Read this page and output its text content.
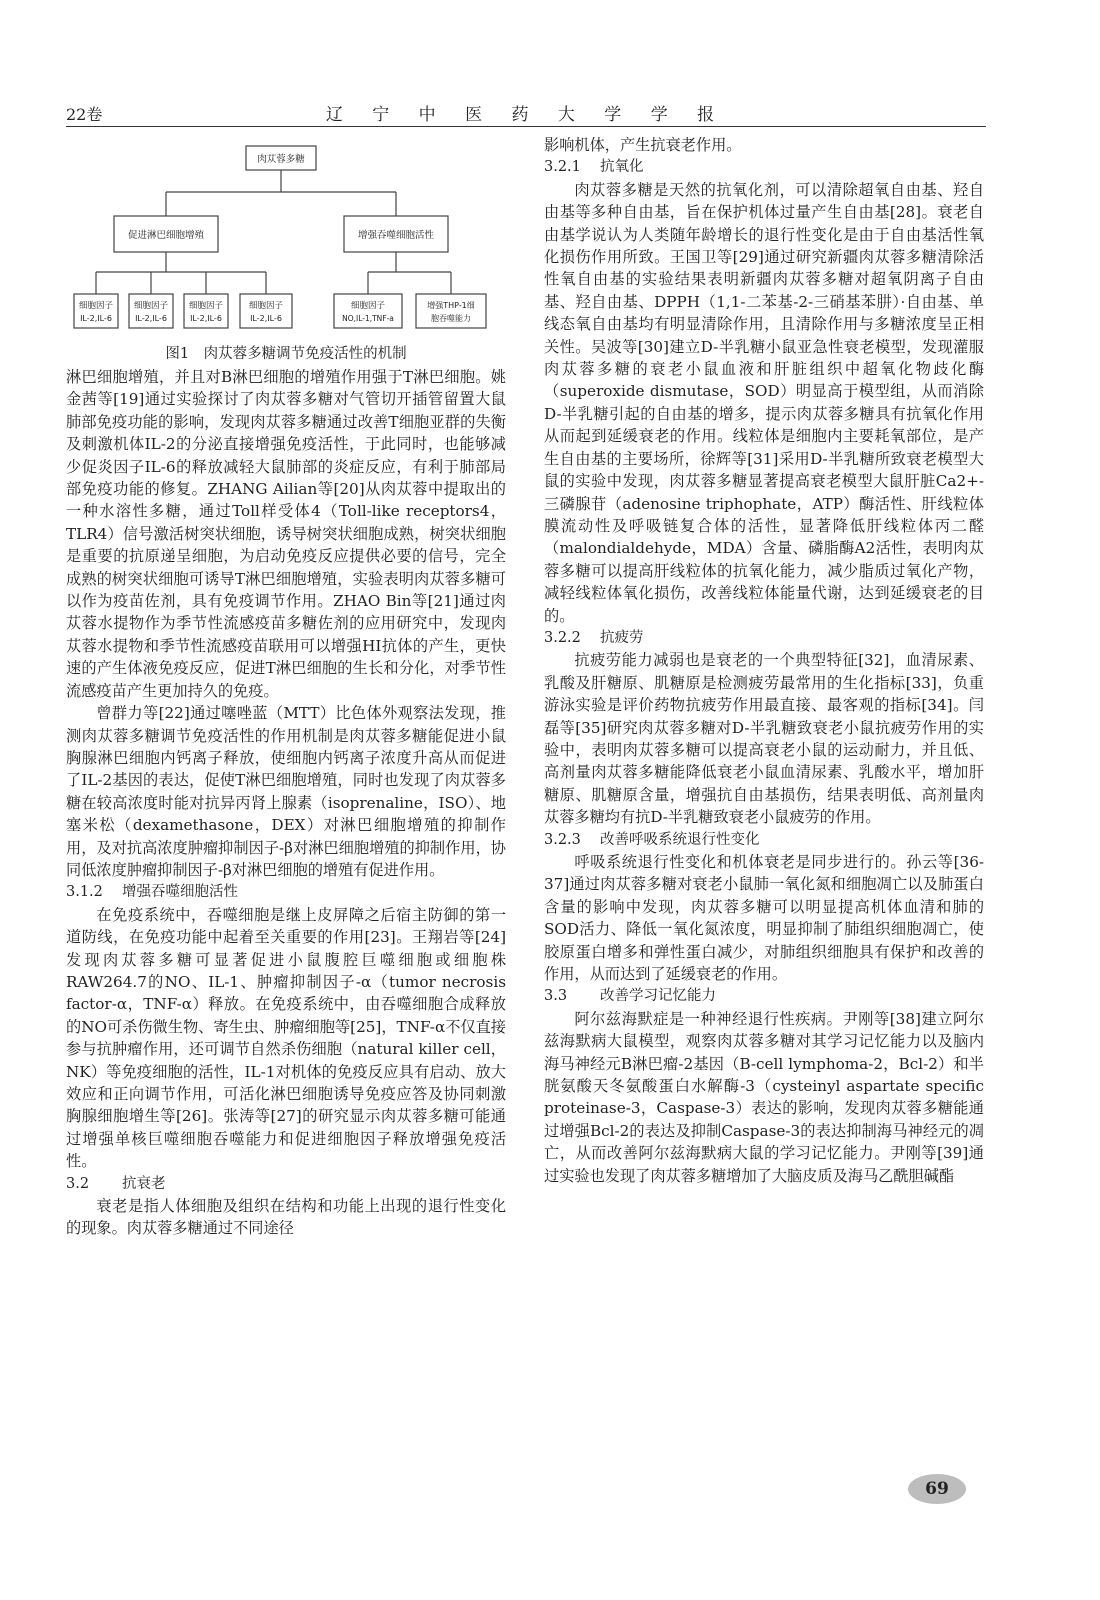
22卷	辽 宁 中 医 药 大 学 学 报
肉苁蓉多糖
促进淋巴细胞增殖	增强吞噬细胞活性
细胞因子
IL-2,IL-6
细胞因子
IL-2,IL-6
细胞因子
IL-2,IL-6
细胞因子
IL-2,IL-6
细胞因子
NO,IL-1,TNF-a
增强THP-1细
胞吞噬能力
图1　肉苁蓉多糖调节免疫活性的机制

淋巴细胞增殖，并且对B淋巴细胞的增殖作用强于T淋巴细胞。姚金茜等[19]通过实验探讨了肉苁蓉多糖对气管切开插管留置大鼠肺部免疫功能的影响，发现肉苁蓉多糖通过改善T细胞亚群的失衡及刺激机体IL-2的分泌直接增强免疫活性，于此同时，也能够减少促炎因子IL-6的释放减轻大鼠肺部的炎症反应，有利于肺部局部免疫功能的修复。ZHANG Ailian等[20]从肉苁蓉中提取出的一种水溶性多糖，通过Toll样受体4（Toll-like receptors4，TLR4）信号激活树突状细胞，诱导树突状细胞成熟，树突状细胞是重要的抗原递呈细胞，为启动免疫反应提供必要的信号，完全成熟的树突状细胞可诱导T淋巴细胞增殖，实验表明肉苁蓉多糖可以作为疫苗佐剂，具有免疫调节作用。ZHAO Bin等[21]通过肉苁蓉水提物作为季节性流感疫苗多糖佐剂的应用研究中，发现肉苁蓉水提物和季节性流感疫苗联用可以增强HI抗体的产生，更快速的产生体液免疫反应，促进T淋巴细胞的生长和分化，对季节性流感疫苗产生更加持久的免疫。

曾群力等[22]通过噻唑蓝（MTT）比色体外观察法发现，推测肉苁蓉多糖调节免疫活性的作用机制是肉苁蓉多糖能促进小鼠胸腺淋巴细胞内钙离子释放，使细胞内钙离子浓度升高从而促进了IL-2基因的表达，促使T淋巴细胞增殖，同时也发现了肉苁蓉多糖在较高浓度时能对抗异丙肾上腺素（isoprenaline，ISO）、地塞米松（dexamethasone，DEX）对淋巴细胞增殖的抑制作用，及对抗高浓度肿瘤抑制因子-β对淋巴细胞增殖的抑制作用，协同低浓度肿瘤抑制因子-β对淋巴细胞的增殖有促进作用。

3.1.2 增强吞噬细胞活性

在免疫系统中，吞噬细胞是继上皮屏障之后宿主防御的第一道防线，在免疫功能中起着至关重要的作用[23]。王翔岩等[24]发现肉苁蓉多糖可显著促进小鼠腹腔巨噬细胞或细胞株RAW264.7的NO、IL-1、肿瘤抑制因子-α（tumor necrosis factor-α，TNF-α）释放。在免疫系统中，由吞噬细胞合成释放的NO可杀伤微生物、寄生虫、肿瘤细胞等[25]，TNF-α不仅直接参与抗肿瘤作用，还可调节自然杀伤细胞（natural killer cell，NK）等免疫细胞的活性，IL-1对机体的免疫反应具有启动、放大效应和正向调节作用，可活化淋巴细胞诱导免疫应答及协同刺激胸腺细胞增生等[26]。张涛等[27]的研究显示肉苁蓉多糖可能通过增强单核巨噬细胞吞噬能力和促进细胞因子释放增强免疫活性。

3.2 抗衰老

衰老是指人体细胞及组织在结构和功能上出现的退行性变化的现象。肉苁蓉多糖通过不同途径

影响机体，产生抗衰老作用。

3.2.1 抗氧化

肉苁蓉多糖是天然的抗氧化剂，可以清除超氧自由基、羟自由基等多种自由基，旨在保护机体过量产生自由基[28]。衰老自由基学说认为人类随年龄增长的退行性变化是由于自由基活性氧化损伤作用所致。王国卫等[29]通过研究新疆肉苁蓉多糖清除活性氧自由基的实验结果表明新疆肉苁蓉多糖对超氧阴离子自由基、羟自由基、DPPH（1,1-二苯基-2-三硝基苯肼）·自由基、单线态氧自由基均有明显清除作用，且清除作用与多糖浓度呈正相关性。吴波等[30]建立D-半乳糖小鼠亚急性衰老模型，发现灌服肉苁蓉多糖的衰老小鼠血液和肝脏组织中超氧化物歧化酶（superoxide dismutase，SOD）明显高于模型组，从而消除D-半乳糖引起的自由基的增多，提示肉苁蓉多糖具有抗氧化作用从而起到延缓衰老的作用。线粒体是细胞内主要耗氧部位，是产生自由基的主要场所，徐辉等[31]采用D-半乳糖所致衰老模型大鼠的实验中发现，肉苁蓉多糖显著提高衰老模型大鼠肝脏Ca2+-三磷腺苷（adenosine triphophate，ATP）酶活性、肝线粒体膜流动性及呼吸链复合体的活性，显著降低肝线粒体丙二醛（malondialdehyde，MDA）含量、磷脂酶A2活性，表明肉苁蓉多糖可以提高肝线粒体的抗氧化能力，减少脂质过氧化产物，减轻线粒体氧化损伤，改善线粒体能量代谢，达到延缓衰老的目的。

3.2.2 抗疲劳

抗疲劳能力减弱也是衰老的一个典型特征[32]，血清尿素、乳酸及肝糖原、肌糖原是检测疲劳最常用的生化指标[33]，负重游泳实验是评价药物抗疲劳作用最直接、最客观的指标[34]。闫磊等[35]研究肉苁蓉多糖对D-半乳糖致衰老小鼠抗疲劳作用的实验中，表明肉苁蓉多糖可以提高衰老小鼠的运动耐力，并且低、高剂量肉苁蓉多糖能降低衰老小鼠血清尿素、乳酸水平，增加肝糖原、肌糖原含量，增强抗自由基损伤，结果表明低、高剂量肉苁蓉多糖均有抗D-半乳糖致衰老小鼠疲劳的作用。

3.2.3 改善呼吸系统退行性变化

呼吸系统退行性变化和机体衰老是同步进行的。孙云等[36-37]通过肉苁蓉多糖对衰老小鼠肺一氧化氮和细胞凋亡以及肺蛋白含量的影响中发现，肉苁蓉多糖可以明显提高机体血清和肺的SOD活力、降低一氧化氮浓度，明显抑制了肺组织细胞凋亡，使胶原蛋白增多和弹性蛋白减少，对肺组织细胞具有保护和改善的作用，从而达到了延缓衰老的作用。

3.3 改善学习记忆能力

阿尔兹海默症是一种神经退行性疾病。尹刚等[38]建立阿尔兹海默病大鼠模型，观察肉苁蓉多糖对其学习记忆能力以及脑内海马神经元B淋巴瘤-2基因（B-cell lymphoma-2，Bcl-2）和半胱氨酸天冬氨酸蛋白水解酶-3（cysteinyl aspartate specific proteinase-3，Caspase-3）表达的影响，发现肉苁蓉多糖能通过增强Bcl-2的表达及抑制Caspase-3的表达抑制海马神经元的凋亡，从而改善阿尔兹海默病大鼠的学习记忆能力。尹刚等[39]通过实验也发现了肉苁蓉多糖增加了大脑皮质及海马乙酰胆碱酯

69
